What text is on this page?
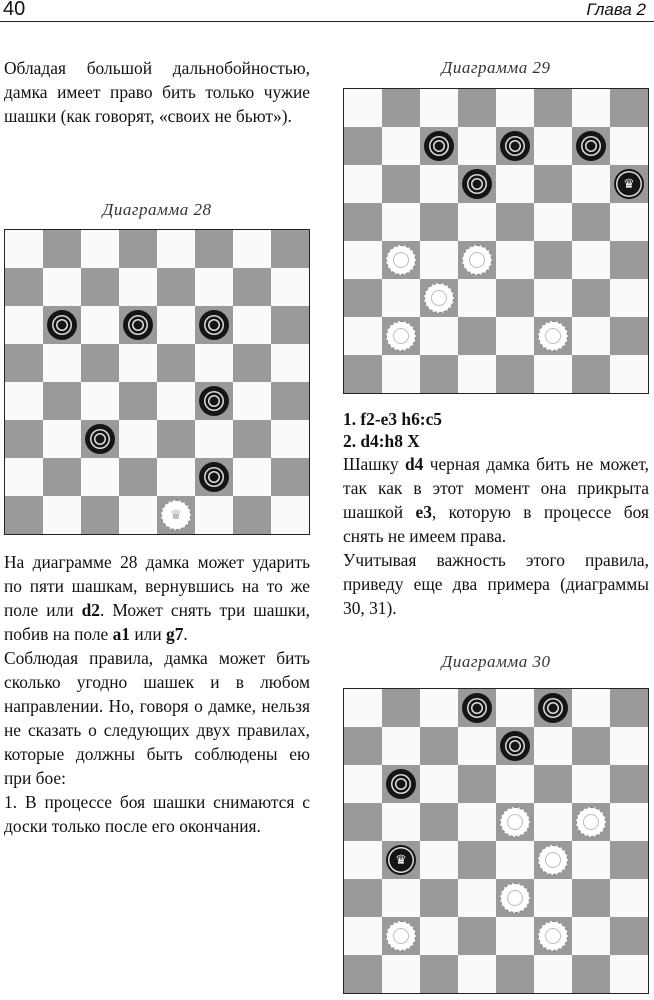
40	Глава 2

Обладая большой дальнобойностью, дамка имеет право бить только чужие шашки (как говорят, «своих не бьют»).

Диаграмма 28
♛

На диаграмме 28 дамка может ударить по пяти шашкам, вернувшись на то же поле или d2. Может снять три шашки, побив на поле a1 или g7.

Соблюдая правила, дамка может бить сколько угодно шашек и в любом направлении. Но, говоря о дамке, нельзя не сказать о следующих двух правилах, которые должны быть соблюдены ею при бое:

1. В процессе боя шашки снимаются с доски только после его окончания.

Диаграмма 29
♛

1. f2-e3 h6:c5

2. d4:h8 X

Шашку d4 черная дамка бить не может, так как в этот момент она прикрыта шашкой e3, которую в процессе боя снять не имеем права.

Учитывая важность этого правила, приведу еще два примера (диаграммы 30, 31).

Диаграмма 30
♛
